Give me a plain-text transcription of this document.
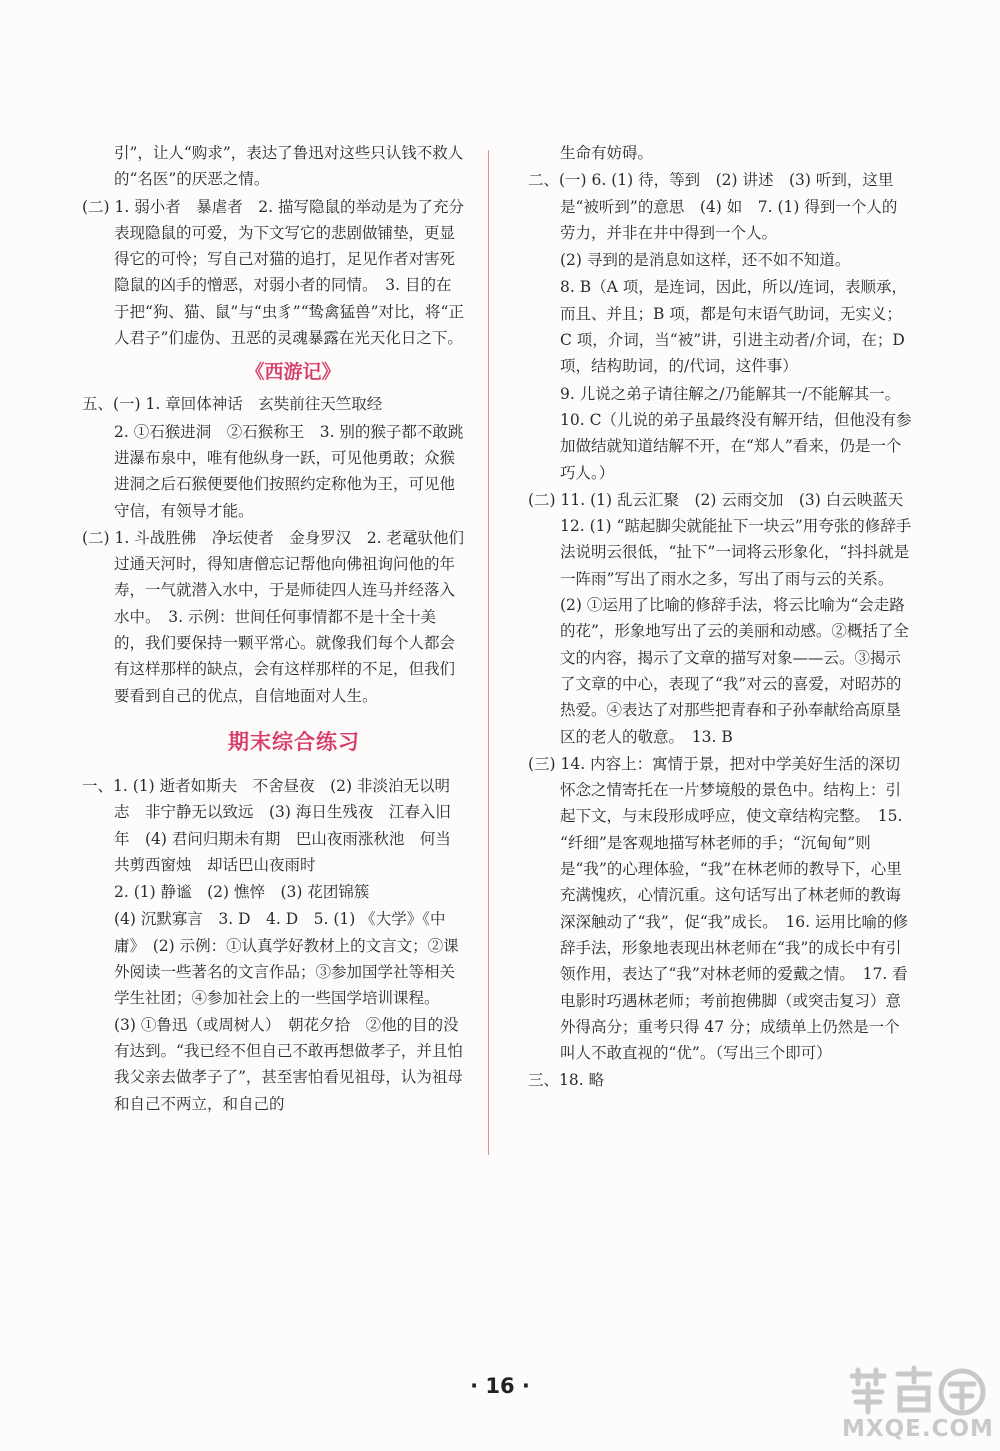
引”，让人“购求”，表达了鲁迅对这些只认钱不救人的“名医”的厌恶之情。
(二) 1. 弱小者　暴虐者　2. 描写隐鼠的举动是为了充分表现隐鼠的可爱，为下文写它的悲剧做铺垫，更显得它的可怜；写自己对猫的追打，足见作者对害死隐鼠的凶手的憎恶，对弱小者的同情。　3. 目的在于把“狗、猫、鼠”与“虫豸”“鸷禽猛兽”对比，将“正人君子”们虚伪、丑恶的灵魂暴露在光天化日之下。
《西游记》
五、(一) 1. 章回体神话　玄奘前往天竺取经
2. ①石猴进洞　②石猴称王　3. 别的猴子都不敢跳进瀑布泉中，唯有他纵身一跃，可见他勇敢；众猴进洞之后石猴便要他们按照约定称他为王，可见他守信，有领导才能。
(二) 1. 斗战胜佛　净坛使者　金身罗汉　2. 老鼋驮他们过通天河时，得知唐僧忘记帮他向佛祖询问他的年寿，一气就潜入水中，于是师徒四人连马并经落入水中。　3. 示例：世间任何事情都不是十全十美的，我们要保持一颗平常心。就像我们每个人都会有这样那样的缺点，会有这样那样的不足，但我们要看到自己的优点，自信地面对人生。
期末综合练习
一、1. (1) 逝者如斯夫　不舍昼夜　(2) 非淡泊无以明志　非宁静无以致远　(3) 海日生残夜　江春入旧年　(4) 君问归期未有期　巴山夜雨涨秋池　何当共剪西窗烛　却话巴山夜雨时
2. (1) 静谧　(2) 憔悴　(3) 花团锦簇
(4) 沉默寡言　3. D　4. D　5. (1) 《大学》《中庸》　(2) 示例：①认真学好教材上的文言文；②课外阅读一些著名的文言作品；③参加国学社等相关学生社团；④参加社会上的一些国学培训课程。　(3) ①鲁迅（或周树人）　朝花夕拾　②他的目的没有达到。“我已经不但自己不敢再想做孝子，并且怕我父亲去做孝子了”，甚至害怕看见祖母，认为祖母和自己不两立，和自己的
生命有妨碍。
二、(一) 6. (1) 待，等到　(2) 讲述　(3) 听到，这里是“被听到”的意思　(4) 如　7. (1) 得到一个人的劳力，并非在井中得到一个人。
(2) 寻到的是消息如这样，还不如不知道。
8. B（A 项，是连词，因此，所以/连词，表顺承，而且、并且；B 项，都是句末语气助词，无实义；C 项，介词，当“被”讲，引进主动者/介词，在；D 项，结构助词，的/代词，这件事）
9. 儿说之弟子请往解之/乃能解其一/不能解其一。　10. C（儿说的弟子虽最终没有解开结，但他没有参加做结就知道结解不开，在“郑人”看来，仍是一个巧人。）
(二) 11. (1) 乱云汇聚　(2) 云雨交加　(3) 白云映蓝天　12. (1) “踮起脚尖就能扯下一块云”用夸张的修辞手法说明云很低，“扯下”一词将云形象化，“抖抖就是一阵雨”写出了雨水之多，写出了雨与云的关系。　(2) ①运用了比喻的修辞手法，将云比喻为“会走路的花”，形象地写出了云的美丽和动感。②概括了全文的内容，揭示了文章的描写对象——云。③揭示了文章的中心，表现了“我”对云的喜爱，对昭苏的热爱。④表达了对那些把青春和子孙奉献给高原垦区的老人的敬意。　13. B
(三) 14. 内容上：寓情于景，把对中学美好生活的深切怀念之情寄托在一片梦境般的景色中。结构上：引起下文，与末段形成呼应，使文章结构完整。　15. “纤细”是客观地描写林老师的手；“沉甸甸”则是“我”的心理体验，“我”在林老师的教导下，心里充满愧疚，心情沉重。这句话写出了林老师的教诲深深触动了“我”，促“我”成长。　16. 运用比喻的修辞手法，形象地表现出林老师在“我”的成长中有引领作用，表达了“我”对林老师的爱戴之情。　17. 看电影时巧遇林老师；考前抱佛脚（或突击复习）意外得高分；重考只得 47 分；成绩单上仍然是一个叫人不敢直视的“优”。（写出三个即可）
三、18. 略
· 16 ·
MXQE.COM
